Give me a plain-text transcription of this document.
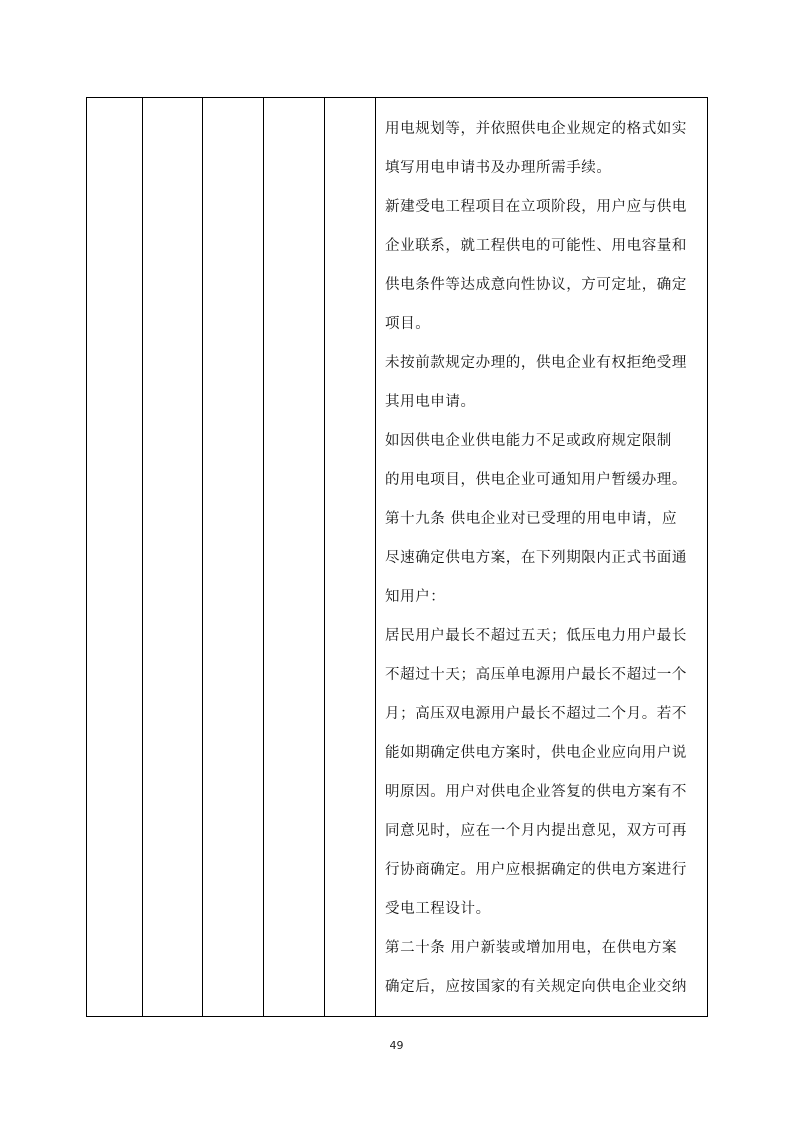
用电规划等，并依照供电企业规定的格式如实
填写用电申请书及办理所需手续。

新建受电工程项目在立项阶段，用户应与供电
企业联系，就工程供电的可能性、用电容量和
供电条件等达成意向性协议，方可定址，确定
项目。

未按前款规定办理的，供电企业有权拒绝受理
其用电申请。

如因供电企业供电能力不足或政府规定限制
的用电项目，供电企业可通知用户暂缓办理。

第十九条 供电企业对已受理的用电申请，应
尽速确定供电方案，在下列期限内正式书面通
知用户：

居民用户最长不超过五天；低压电力用户最长
不超过十天；高压单电源用户最长不超过一个
月；高压双电源用户最长不超过二个月。若不
能如期确定供电方案时，供电企业应向用户说
明原因。用户对供电企业答复的供电方案有不
同意见时，应在一个月内提出意见，双方可再
行协商确定。用户应根据确定的供电方案进行
受电工程设计。

第二十条 用户新装或增加用电，在供电方案
确定后，应按国家的有关规定向供电企业交纳

49
